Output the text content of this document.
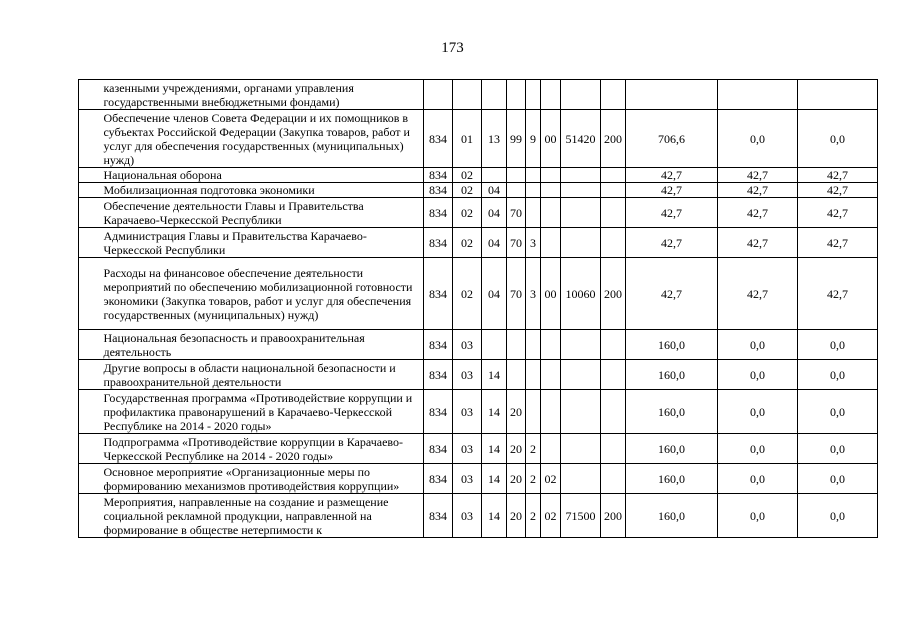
173
	казенными учреждениями, органами управления государственными внебюджетными фондами)											
	Обеспечение членов Совета Федерации и их помощников в субъектах Российской Федерации (Закупка товаров, работ и услуг для обеспечения государственных (муниципальных) нужд)	834	01	13	99	9	00	51420	200	706,6	0,0	0,0
	Национальная оборона	834	02							42,7	42,7	42,7
	Мобилизационная подготовка экономики	834	02	04						42,7	42,7	42,7
	Обеспечение деятельности Главы и Правительства Карачаево-Черкесской Республики	834	02	04	70					42,7	42,7	42,7
	Администрация Главы и Правительства Карачаево-Черкесской Республики	834	02	04	70	3				42,7	42,7	42,7
	Расходы на финансовое обеспечение деятельности мероприятий по обеспечению мобилизационной готовности экономики (Закупка товаров, работ и услуг для обеспечения государственных (муниципальных) нужд)	834	02	04	70	3	00	10060	200	42,7	42,7	42,7
	Национальная безопасность и правоохранительная деятельность	834	03							160,0	0,0	0,0
	Другие вопросы в области национальной безопасности и правоохранительной деятельности	834	03	14						160,0	0,0	0,0
	Государственная программа «Противодействие коррупции и профилактика правонарушений в Карачаево-Черкесской Республике на 2014 - 2020 годы»	834	03	14	20					160,0	0,0	0,0
	Подпрограмма «Противодействие коррупции в Карачаево-Черкесской Республике на 2014 - 2020 годы»	834	03	14	20	2				160,0	0,0	0,0
	Основное мероприятие «Организационные меры по формированию механизмов противодействия коррупции»	834	03	14	20	2	02			160,0	0,0	0,0
	Мероприятия, направленные на создание и размещение социальной рекламной продукции, направленной на формирование в обществе нетерпимости к	834	03	14	20	2	02	71500	200	160,0	0,0	0,0
